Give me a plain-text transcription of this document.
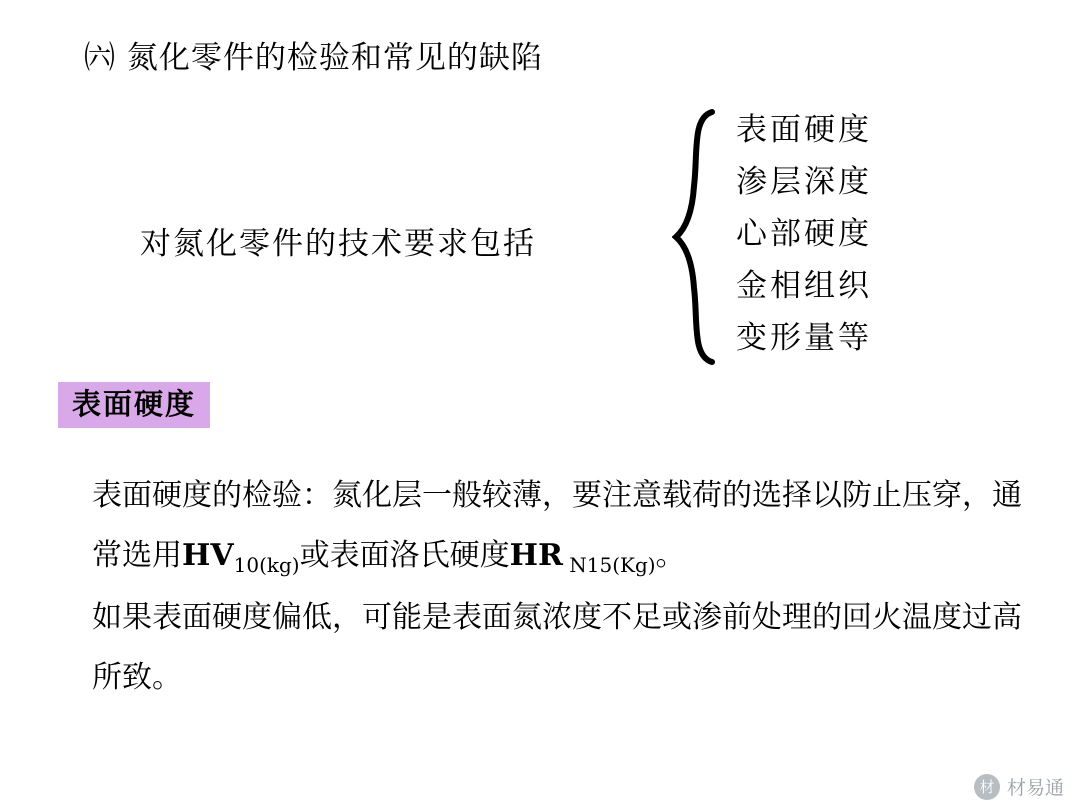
㈥ 氮化零件的检验和常见的缺陷
对氮化零件的技术要求包括
表面硬度
渗层深度
心部硬度
金相组织
变形量等
表面硬度

表面硬度的检验：氮化层一般较薄，要注意载荷的选择以防止压穿，通常选用$HV_{10(kg)}$或表面洛氏硬度HR $_{N15(Kg)}$。

如果表面硬度偏低，可能是表面氮浓度不足或渗前处理的回火温度过高所致。

材 材易通
